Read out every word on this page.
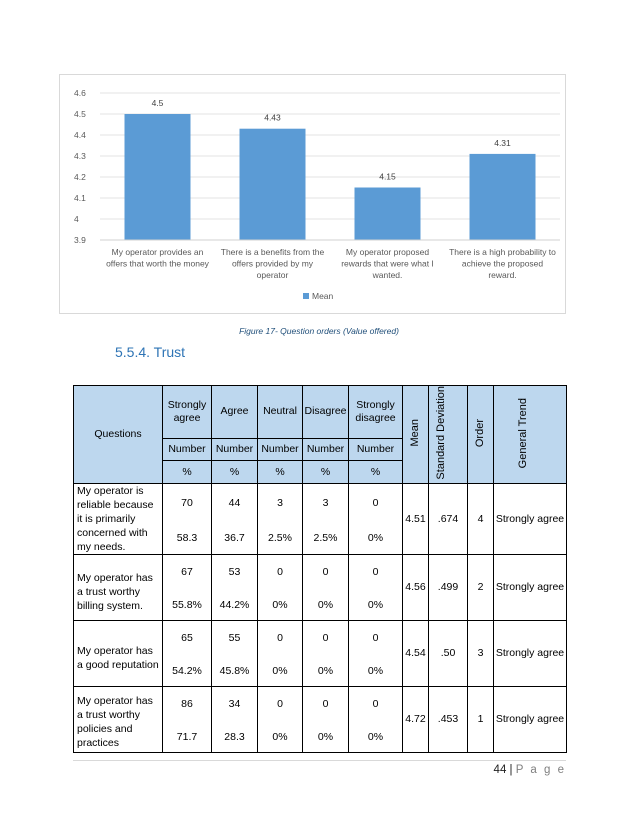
3.9
4
4.1
4.2
4.3
4.4
4.5
4.6
4.5
My operator provides an offers that worth the money
4.43
There is a benefits from the offers provided by my operator
4.15
My operator proposed rewards that were what I wanted.
4.31
There is a high probability to achieve the proposed reward.
Mean
Figure 17- Question orders (Value offered)
5.5.4. Trust
Questions	Strongly agree	Agree	Neutral	Disagree	Strongly disagree	Mean	Standard Deviation	Order	General Trend
	Number	Number	Number	Number	Number				
	%	%	%	%	%				
My operator is reliable because it is primarily concerned with my needs.	70	44	3	3	0	4.51	.674	4	Strongly agree
	58.3	36.7	2.5%	2.5%	0%				
My operator has a trust worthy billing system.	67	53	0	0	0	4.56	.499	2	Strongly agree
	55.8%	44.2%	0%	0%	0%				
My operator has a good reputation	65	55	0	0	0	4.54	.50	3	Strongly agree
	54.2%	45.8%	0%	0%	0%				
My operator has a trust worthy policies and practices	86	34	0	0	0	4.72	.453	1	Strongly agree
	71.7	28.3	0%	0%	0%				
44 | P a g e
